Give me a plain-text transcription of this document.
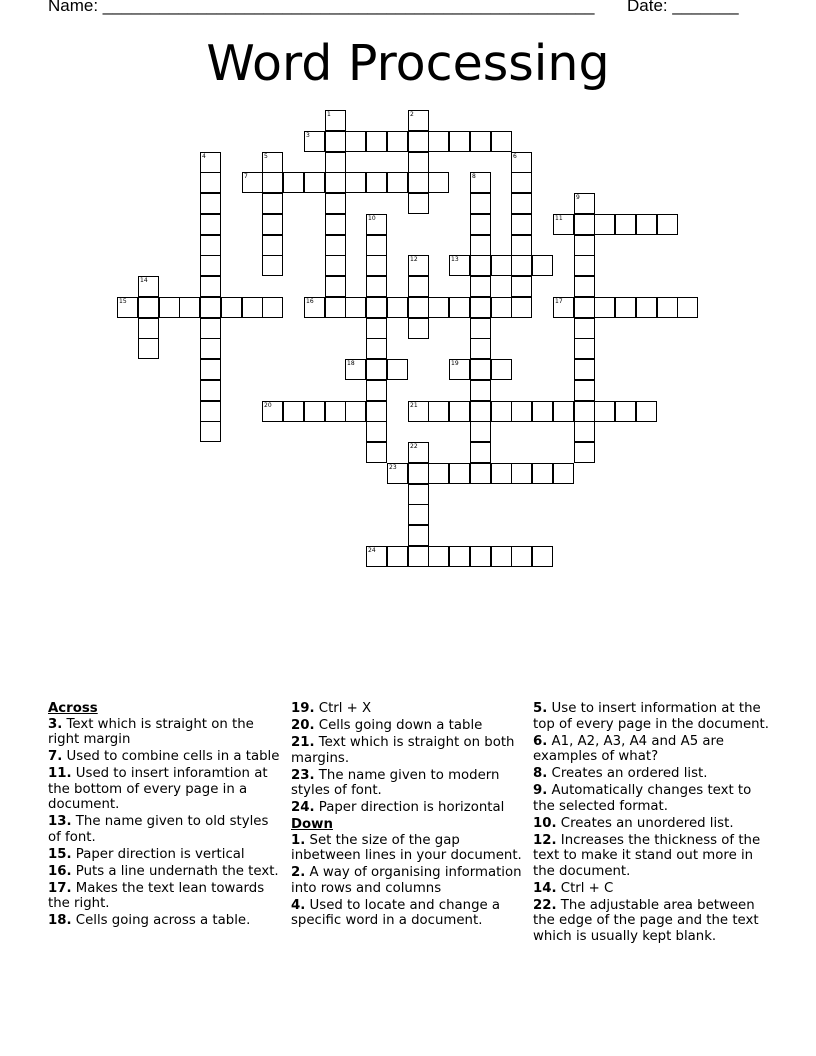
Name: ____________________________________________________ Date: _______
Word Processing
1	2
3
4	5	6
7	8
9
10	11
12	13
14
15	16	17
18	19
20	21
22
23
24
Across
3. Text which is straight on the right margin
7. Used to combine cells in a table
11. Used to insert inforamtion at the bottom of every page in a document.
13. The name given to old styles of font.
15. Paper direction is vertical
16. Puts a line undernath the text.
17. Makes the text lean towards the right.
18. Cells going across a table.
19. Ctrl + X
20. Cells going down a table
21. Text which is straight on both margins.
23. The name given to modern styles of font.
24. Paper direction is horizontal
Down
1. Set the size of the gap inbetween lines in your document.
2. A way of organising information into rows and columns
4. Used to locate and change a specific word in a document.
5. Use to insert information at the top of every page in the document.
6. A1, A2, A3, A4 and A5 are examples of what?
8. Creates an ordered list.
9. Automatically changes text to the selected format.
10. Creates an unordered list.
12. Increases the thickness of the text to make it stand out more in the document.
14. Ctrl + C
22. The adjustable area between the edge of the page and the text which is usually kept blank.
